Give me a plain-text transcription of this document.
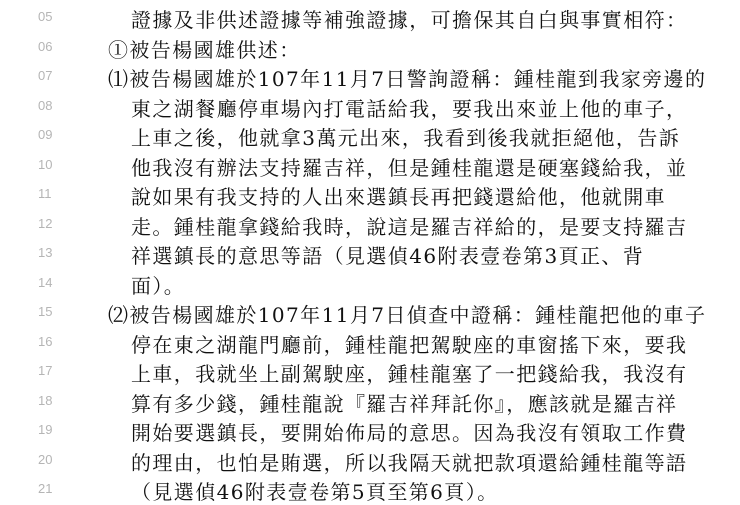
05	證據及非供述證據等補強證據，可擔保其自白與事實相符：
06	①被告楊國雄供述：
07	⑴被告楊國雄於107年11月7日警詢證稱：鍾桂龍到我家旁邊的
08	東之湖餐廳停車場內打電話給我，要我出來並上他的車子，
09	上車之後，他就拿3萬元出來，我看到後我就拒絕他，告訴
10	他我沒有辦法支持羅吉祥，但是鍾桂龍還是硬塞錢給我，並
11	說如果有我支持的人出來選鎮長再把錢還給他，他就開車
12	走。鍾桂龍拿錢給我時，說這是羅吉祥給的，是要支持羅吉
13	祥選鎮長的意思等語（見選偵46附表壹卷第3頁正、背
14	面）。
15	⑵被告楊國雄於107年11月7日偵查中證稱：鍾桂龍把他的車子
16	停在東之湖龍門廳前，鍾桂龍把駕駛座的車窗搖下來，要我
17	上車，我就坐上副駕駛座，鍾桂龍塞了一把錢給我，我沒有
18	算有多少錢，鍾桂龍說『羅吉祥拜託你』，應該就是羅吉祥
19	開始要選鎮長，要開始佈局的意思。因為我沒有領取工作費
20	的理由，也怕是賄選，所以我隔天就把款項還給鍾桂龍等語
21	（見選偵46附表壹卷第5頁至第6頁）。
